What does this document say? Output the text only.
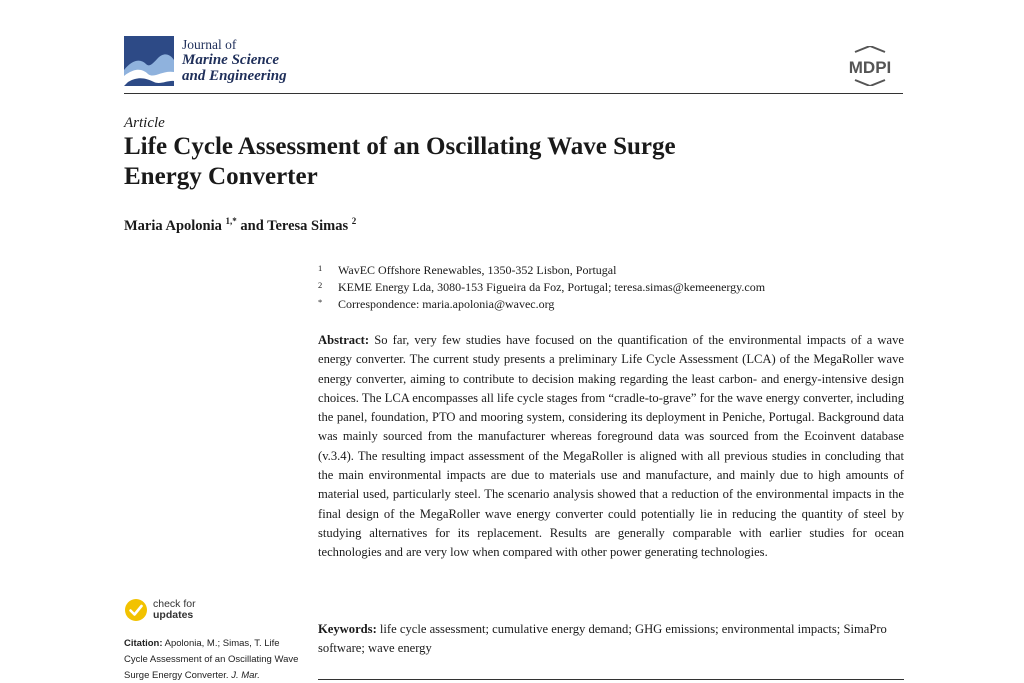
Journal of
Marine Science
and Engineering	MDPI
Article
Life Cycle Assessment of an Oscillating Wave Surge
Energy Converter
Maria Apolonia $^{1,*}$ and Teresa Simas $^2$
1 WavEC Offshore Renewables, 1350-352 Lisbon, Portugal
2 KEME Energy Lda, 3080-153 Figueira da Foz, Portugal; teresa.simas@kemeenergy.com
* Correspondence: maria.apolonia@wavec.org
Abstract: So far, very few studies have focused on the quantification of the environmental impacts of a wave energy converter. The current study presents a preliminary Life Cycle Assessment (LCA) of the MegaRoller wave energy converter, aiming to contribute to decision making regarding the least carbon- and energy-intensive design choices. The LCA encompasses all life cycle stages from “cradle-to-grave” for the wave energy converter, including the panel, foundation, PTO and mooring system, considering its deployment in Peniche, Portugal. Background data was mainly sourced from the manufacturer whereas foreground data was sourced from the Ecoinvent database (v.3.4). The resulting impact assessment of the MegaRoller is aligned with all previous studies in concluding that the main environmental impacts are due to materials use and manufacture, and mainly due to high amounts of material used, particularly steel. The scenario analysis showed that a reduction of the environmental impacts in the final design of the MegaRoller wave energy converter could potentially lie in reducing the quantity of steel by studying alternatives for its replacement. Results are generally comparable with earlier studies for ocean technologies and are very low when compared with other power generating technologies.
Keywords: life cycle assessment; cumulative energy demand; GHG emissions; environmental impacts; SimaPro software; wave energy
check for
updates
Citation: Apolonia, M.; Simas, T. Life Cycle Assessment of an Oscillating Wave Surge Energy Converter. J. Mar.
